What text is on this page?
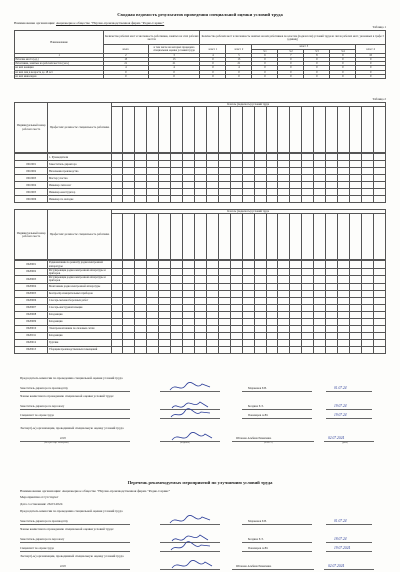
Сводная ведомость результатов проведения специальной оценки условий труда
Наименование организации: Акционерное общество "Научно-производственная фирма "Радио-Сервис"
Таблица 1
Наименование	Количество рабочих мест и численность работников, занятых на этих рабочих местах		Количество рабочих мест и численность занятых на них работников по классам (подклассам) условий труда из числа рабочих мест, указанных в графе 3 (единиц)						
	всего	в том числе на которых проведена специальная оценка условий труда	класс 1	класс 2	класс 3				класс 4
					3.1	3.2	3.3	3.4	
1	2	3	4	5	6	7	8	9	10
Рабочие места (ед.)	13	13	0	13	0	0	0	0	0
Работники, занятые на рабочих местах (чел.)	21	21	0	21	0	0	0	0	0
из них женщин	4	4	0	4	0	0	0	0	0
из них лиц в возрасте до 18 лет	0	0	0	0	0	0	0	0	0
из них инвалидов	0	0	0	0	0	0	0	0	0
Таблица 2
Индивидуальный номер рабочего места	Профессия/ должность/ специальность работника	Классы (подклассы) условий труда																						

	1. Руководители																							
0010001	Заместитель директора																							
0010002	Начальник производства																							
0010003	Мастер участка																							
0010004	Инженер-технолог																							
0010005	Инженер-конструктор																							
0010006	Инженер по наладке																							
Индивидуальный номер рабочего места	Профессия/ должность/ специальность работника	Классы (подклассы) условий труда																						

0020001	Радиомеханик по ремонту радиоэлектронной аппаратуры																							
0020002	Регулировщик радиоэлектронной аппаратуры и приборов																							
0020003	Регулировщик радиоэлектронной аппаратуры и приборов																							
0020004	Монтажник радиоэлектронной аппаратуры																							
0020005	Контролёр измерительных приборов																							
0020006	Слесарь механосборочных работ																							
0020007	Слесарь-инструментальщик																							
0020008	Кладовщик																							
0020009	Кладовщик																							
0020010	Электромонтажник по силовым сетям																							
0020011	Кладовщик																							
0020012	Грузчик																							
0020013	Уборщик производственных помещений																							
Председатель комиссии по проведению специальной оценки условий труда
Заместитель директора по производству	Мараканов Е.В.	01.07.24
Члены комиссии по проведению специальной оценки условий труда:
Заместитель директора по персоналу	Болдина Е.Э.	19.07.24
Специалист по охране труда	Пономарев А.Ю.	19.07.24
Эксперт(-ы) организации, проводившей специальную оценку условий труда
2218
(№ в реестре экспертов)	(подпись)
Штанова Альбина Рамилевна
(Ф.И.О.)
02.07.2024
(дата)
Перечень рекомендуемых мероприятий по улучшению условий труда
Наименование организации: Акционерное общество "Научно-производственная фирма "Радио-Сервис"
Мероприятия отсутствуют
Дата составления: 26.03.2024
Председатель комиссии по проведению специальной оценки условий труда
Заместитель директора по производству	Мараканов Е.В.	01.07.24
Члены комиссии по проведению специальной оценки условий труда:
Заместитель директора по персоналу	Болдина Е.Э.	18.07.24
Специалист по охране труда	Пономарев А.Ю.	19.07.2024
Эксперт(-ы) организации, проводившей специальную оценку условий труда
2218	Штанова Альбина Рамилевна	02.07.2024
